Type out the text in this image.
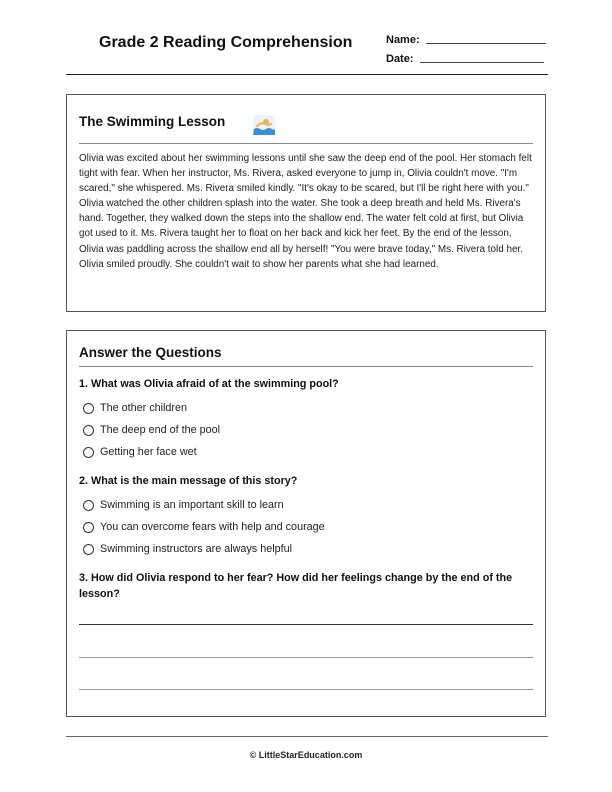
Grade 2 Reading Comprehension	Name:
Date:
The Swimming Lesson
Olivia was excited about her swimming lessons until she saw the deep end of the pool. Her stomach felt tight with fear. When her instructor, Ms. Rivera, asked everyone to jump in, Olivia couldn't move. "I'm scared," she whispered. Ms. Rivera smiled kindly. "It's okay to be scared, but I'll be right here with you." Olivia watched the other children splash into the water. She took a deep breath and held Ms. Rivera's hand. Together, they walked down the steps into the shallow end. The water felt cold at first, but Olivia got used to it. Ms. Rivera taught her to float on her back and kick her feet. By the end of the lesson, Olivia was paddling across the shallow end all by herself! "You were brave today," Ms. Rivera told her. Olivia smiled proudly. She couldn't wait to show her parents what she had learned.
Answer the Questions
1. What was Olivia afraid of at the swimming pool?
The other children
The deep end of the pool
Getting her face wet
2. What is the main message of this story?
Swimming is an important skill to learn
You can overcome fears with help and courage
Swimming instructors are always helpful
3. How did Olivia respond to her fear? How did her feelings change by the end of the lesson?
© LittleStarEducation.com
